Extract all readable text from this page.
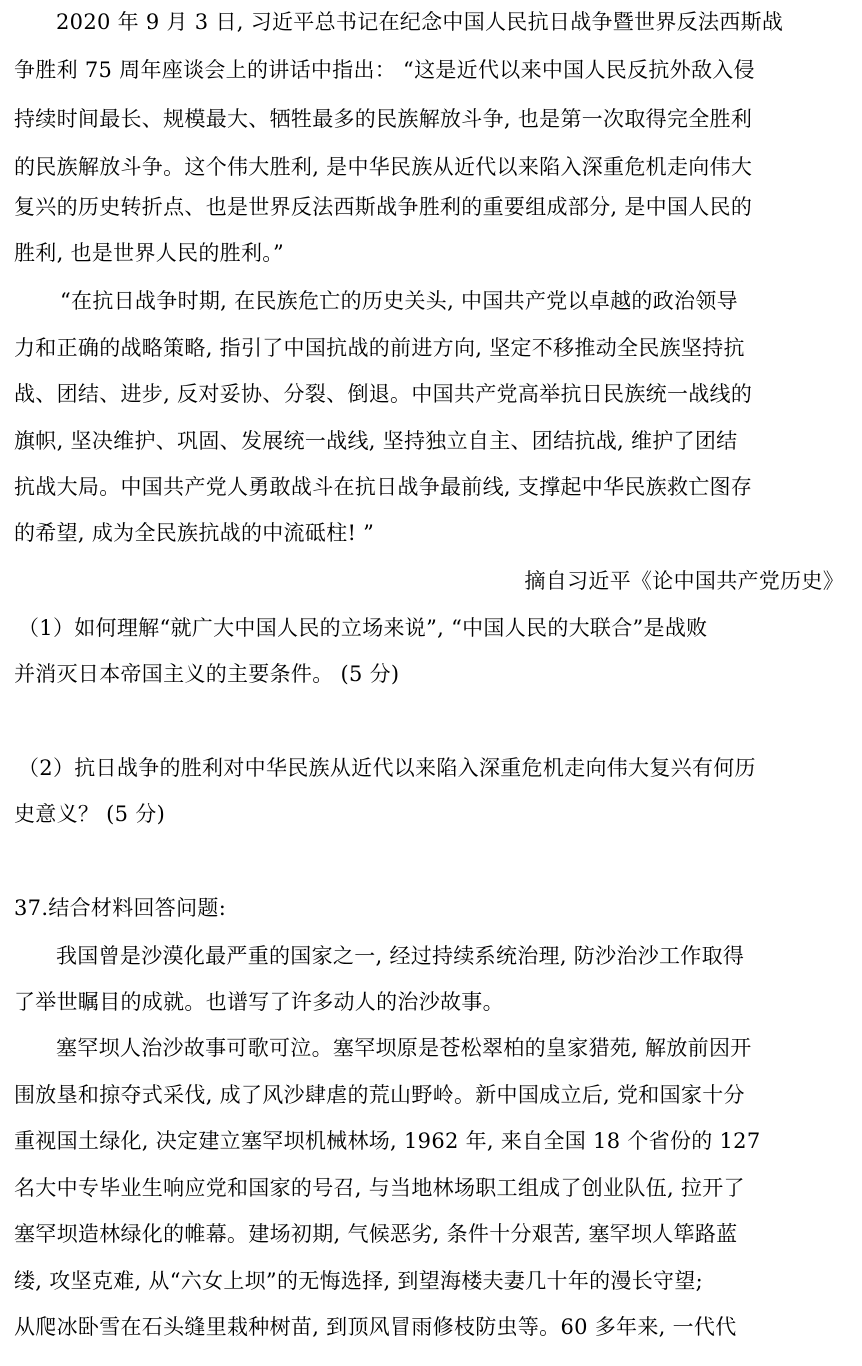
2020 年 9 月 3 日, 习近平总书记在纪念中国人民抗日战争暨世界反法西斯战
争胜利 75 周年座谈会上的讲话中指出： “这是近代以来中国人民反抗外敌入侵
持续时间最长、规模最大、牺牲最多的民族解放斗争, 也是第一次取得完全胜利
的民族解放斗争。这个伟大胜利, 是中华民族从近代以来陷入深重危机走向伟大
复兴的历史转折点、也是世界反法西斯战争胜利的重要组成部分, 是中国人民的
胜利, 也是世界人民的胜利。”
“在抗日战争时期, 在民族危亡的历史关头, 中国共产党以卓越的政治领导
力和正确的战略策略, 指引了中国抗战的前进方向, 坚定不移推动全民族坚持抗
战、团结、进步, 反对妥协、分裂、倒退。中国共产党高举抗日民族统一战线的
旗帜, 坚决维护、巩固、发展统一战线, 坚持独立自主、团结抗战, 维护了团结
抗战大局。中国共产党人勇敢战斗在抗日战争最前线, 支撑起中华民族救亡图存
的希望, 成为全民族抗战的中流砥柱! ”
摘自习近平《论中国共产党历史》
（1）如何理解“就广大中国人民的立场来说”, “中国人民的大联合”是战败
并消灭日本帝国主义的主要条件。 (5 分)
（2）抗日战争的胜利对中华民族从近代以来陷入深重危机走向伟大复兴有何历
史意义？ (5 分)
37.结合材料回答问题:
我国曾是沙漠化最严重的国家之一, 经过持续系统治理, 防沙治沙工作取得
了举世瞩目的成就。也谱写了许多动人的治沙故事。
塞罕坝人治沙故事可歌可泣。塞罕坝原是苍松翠柏的皇家猎苑, 解放前因开
围放垦和掠夺式采伐, 成了风沙肆虐的荒山野岭。新中国成立后, 党和国家十分
重视国土绿化, 决定建立塞罕坝机械林场, 1962 年, 来自全国 18 个省份的 127
名大中专毕业生响应党和国家的号召, 与当地林场职工组成了创业队伍, 拉开了
塞罕坝造林绿化的帷幕。建场初期, 气候恶劣, 条件十分艰苦, 塞罕坝人筚路蓝
缕, 攻坚克难, 从“六女上坝”的无悔选择, 到望海楼夫妻几十年的漫长守望;
从爬冰卧雪在石头缝里栽种树苗, 到顶风冒雨修枝防虫等。60 多年来, 一代代
